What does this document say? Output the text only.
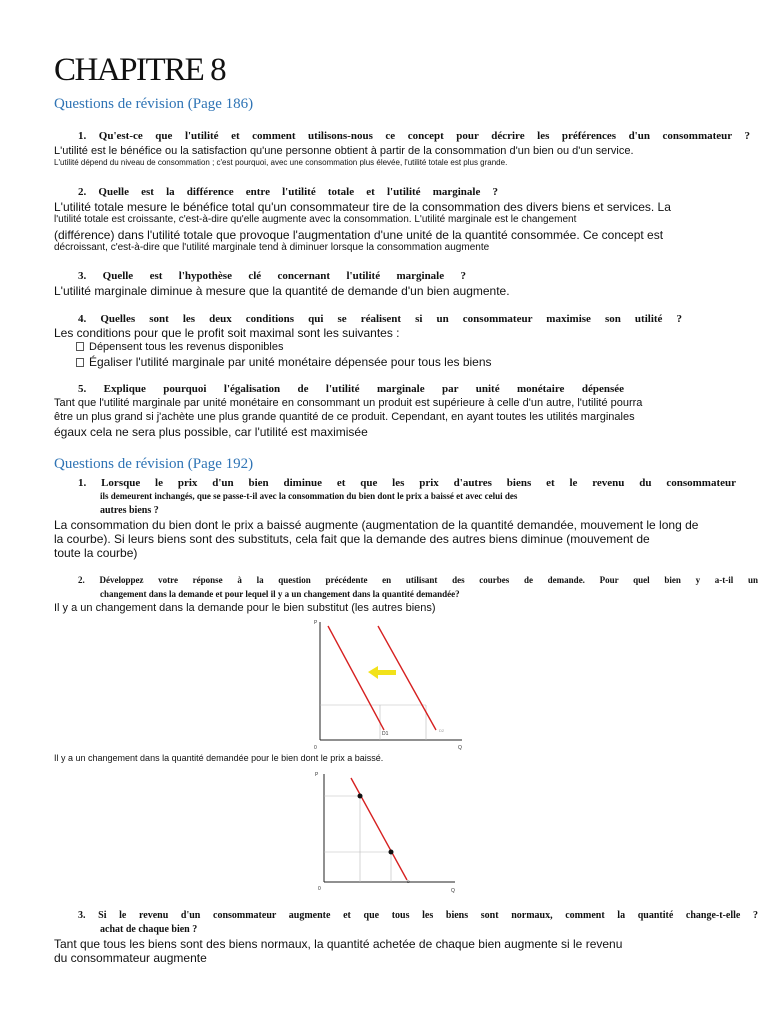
CHAPITRE 8
Questions de révision (Page 186)
1. Qu'est-ce que l'utilité et comment utilisons-nous ce concept pour décrire les préférences d'un consommateur ?
L'utilité est le bénéfice ou la satisfaction qu'une personne obtient à partir de la consommation d'un bien ou d'un service.
L'utilité dépend du niveau de consommation ; c'est pourquoi, avec une consommation plus élevée, l'utilité totale est plus grande.
2. Quelle est la différence entre l'utilité totale et l'utilité marginale ?
L'utilité totale mesure le bénéfice total qu'un consommateur tire de la consommation des divers biens et services. La
l'utilité totale est croissante, c'est-à-dire qu'elle augmente avec la consommation. L'utilité marginale est le changement
(différence) dans l'utilité totale que provoque l'augmentation d'une unité de la quantité consommée. Ce concept est
décroissant, c'est-à-dire que l'utilité marginale tend à diminuer lorsque la consommation augmente
3. Quelle est l'hypothèse clé concernant l'utilité marginale ?
L'utilité marginale diminue à mesure que la quantité de demande d'un bien augmente.
4. Quelles sont les deux conditions qui se réalisent si un consommateur maximise son utilité ?
Les conditions pour que le profit soit maximal sont les suivantes :
Dépensent tous les revenus disponibles
Égaliser l'utilité marginale par unité monétaire dépensée pour tous les biens
5. Explique pourquoi l'égalisation de l'utilité marginale par unité monétaire dépensée
Tant que l'utilité marginale par unité monétaire en consommant un produit est supérieure à celle d'un autre, l'utilité pourra
être un plus grand si j'achète une plus grande quantité de ce produit. Cependant, en ayant toutes les utilités marginales
égaux cela ne sera plus possible, car l'utilité est maximisée
Questions de révision (Page 192)
1. Lorsque le prix d'un bien diminue et que les prix d'autres biens et le revenu du consommateur
ils demeurent inchangés, que se passe-t-il avec la consommation du bien dont le prix a baissé et avec celui des
autres biens ?
La consommation du bien dont le prix a baissé augmente (augmentation de la quantité demandée, mouvement le long de
la courbe). Si leurs biens sont des substituts, cela fait que la demande des autres biens diminue (mouvement de
toute la courbe)
2. Développez votre réponse à la question précédente en utilisant des courbes de demande. Pour quel bien y a-t-il un
changement dans la demande et pour lequel il y a un changement dans la quantité demandée?
Il y a un changement dans la demande pour le bien substitut (les autres biens)
P
D1
D2
0	Q
Il y a un changement dans la quantité demandée pour le bien dont le prix a baissé.
P
D
0	Q
3. Si le revenu d'un consommateur augmente et que tous les biens sont normaux, comment la quantité change-t-elle ?
achat de chaque bien ?
Tant que tous les biens sont des biens normaux, la quantité achetée de chaque bien augmente si le revenu
du consommateur augmente
